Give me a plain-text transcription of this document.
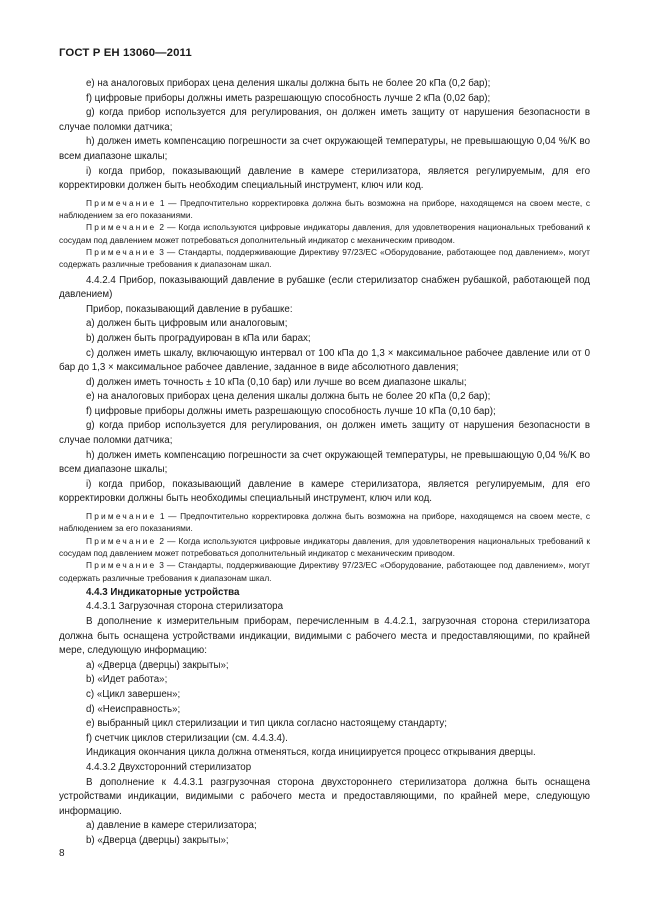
ГОСТ Р ЕН 13060—2011

e) на аналоговых приборах цена деления шкалы должна быть не более 20 кПа (0,2 бар);

f) цифровые приборы должны иметь разрешающую способность лучше 2 кПа (0,02 бар);

g) когда прибор используется для регулирования, он должен иметь защиту от нарушения безопасности в случае поломки датчика;

h) должен иметь компенсацию погрешности за счет окружающей температуры, не превышающую 0,04 %/K во всем диапазоне шкалы;

i) когда прибор, показывающий давление в камере стерилизатора, является регулируемым, для его корректировки должен быть необходим специальный инструмент, ключ или код.

Примечание 1 — Предпочтительно корректировка должна быть возможна на приборе, находящемся на своем месте, с наблюдением за его показаниями.

Примечание 2 — Когда используются цифровые индикаторы давления, для удовлетворения национальных требований к сосудам под давлением может потребоваться дополнительный индикатор с механическим приводом.

Примечание 3 — Стандарты, поддерживающие Директиву 97/23/ЕС «Оборудование, работающее под давлением», могут содержать различные требования к диапазонам шкал.

4.4.2.4 Прибор, показывающий давление в рубашке (если стерилизатор снабжен рубашкой, работающей под давлением)

Прибор, показывающий давление в рубашке:

a) должен быть цифровым или аналоговым;

b) должен быть проградуирован в кПа или барах;

c) должен иметь шкалу, включающую интервал от 100 кПа до 1,3 × максимальное рабочее давление или от 0 бар до 1,3 × максимальное рабочее давление, заданное в виде абсолютного давления;

d) должен иметь точность ± 10 кПа (0,10 бар) или лучше во всем диапазоне шкалы;

e) на аналоговых приборах цена деления шкалы должна быть не более 20 кПа (0,2 бар);

f) цифровые приборы должны иметь разрешающую способность лучше 10 кПа (0,10 бар);

g) когда прибор используется для регулирования, он должен иметь защиту от нарушения безопасности в случае поломки датчика;

h) должен иметь компенсацию погрешности за счет окружающей температуры, не превышающую 0,04 %/K во всем диапазоне шкалы;

i) когда прибор, показывающий давление в камере стерилизатора, является регулируемым, для его корректировки должны быть необходимы специальный инструмент, ключ или код.

Примечание 1 — Предпочтительно корректировка должна быть возможна на приборе, находящемся на своем месте, с наблюдением за его показаниями.

Примечание 2 — Когда используются цифровые индикаторы давления, для удовлетворения национальных требований к сосудам под давлением может потребоваться дополнительный индикатор с механическим приводом.

Примечание 3 — Стандарты, поддерживающие Директиву 97/23/ЕС «Оборудование, работающее под давлением», могут содержать различные требования к диапазонам шкал.

4.4.3 Индикаторные устройства

4.4.3.1 Загрузочная сторона стерилизатора

В дополнение к измерительным приборам, перечисленным в 4.4.2.1, загрузочная сторона стерилизатора должна быть оснащена устройствами индикации, видимыми с рабочего места и предоставляющими, по крайней мере, следующую информацию:

a) «Дверца (дверцы) закрыты»;

b) «Идет работа»;

c) «Цикл завершен»;

d) «Неисправность»;

e) выбранный цикл стерилизации и тип цикла согласно настоящему стандарту;

f) счетчик циклов стерилизации (см. 4.4.3.4).

Индикация окончания цикла должна отменяться, когда инициируется процесс открывания дверцы.

4.4.3.2 Двухсторонний стерилизатор

В дополнение к 4.4.3.1 разгрузочная сторона двухстороннего стерилизатора должна быть оснащена устройствами индикации, видимыми с рабочего места и предоставляющими, по крайней мере, следующую информацию.

a) давление в камере стерилизатора;

b) «Дверца (дверцы) закрыты»;

8
